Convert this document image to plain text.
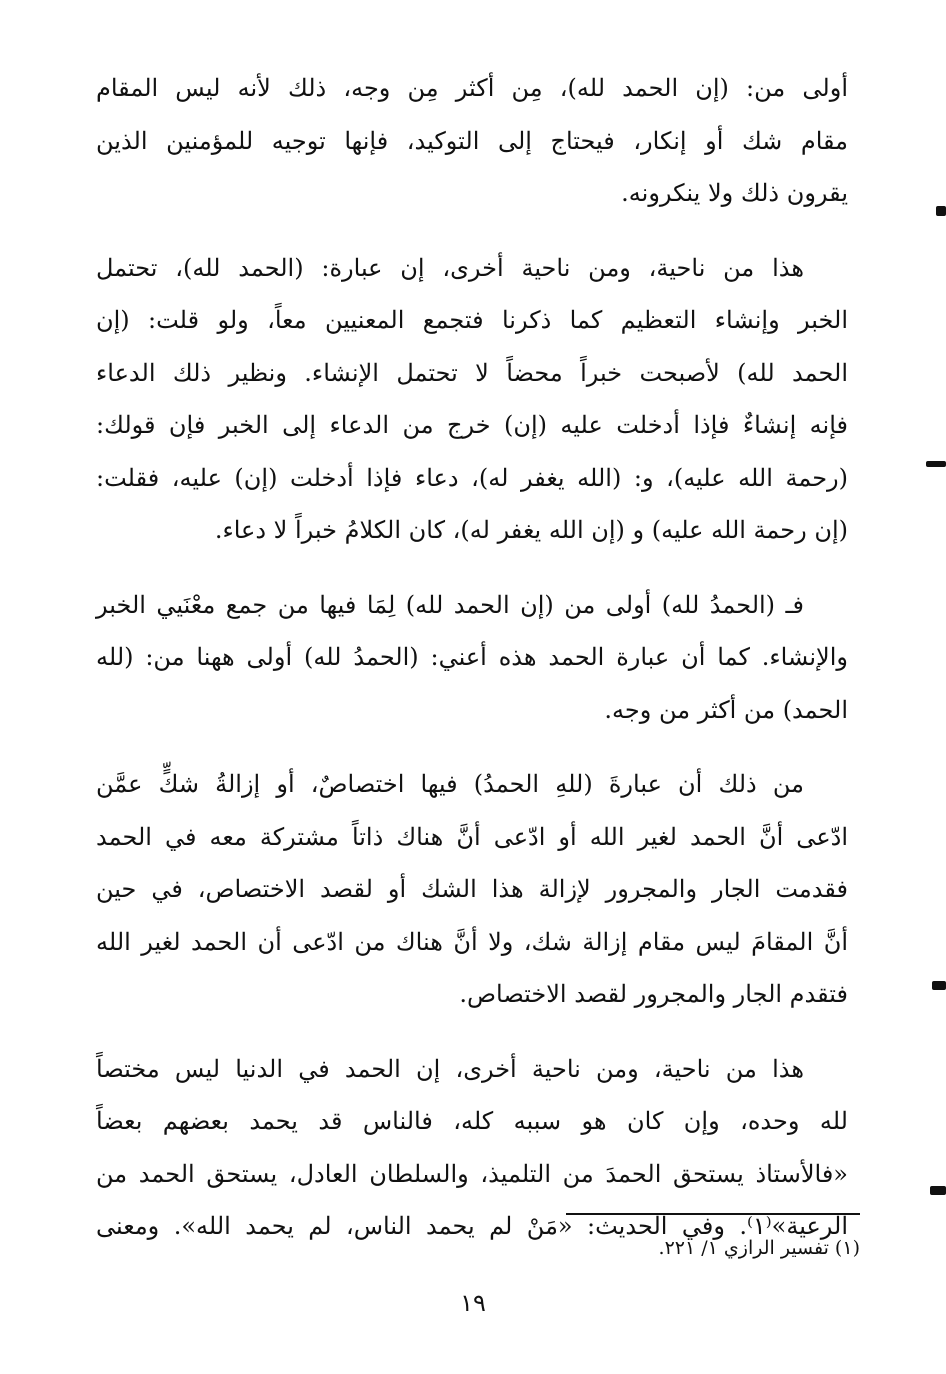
أولى من: (إن الحمد لله)، مِن أكثر مِن وجه، ذلك لأنه ليس المقام
مقام شك أو إنكار، فيحتاج إلى التوكيد، فإنها توجيه للمؤمنين الذين
يقرون ذلك ولا ينكرونه.

هذا من ناحية، ومن ناحية أخرى، إن عبارة: (الحمد لله)، تحتمل
الخبر وإنشاء التعظيم كما ذكرنا فتجمع المعنيين معاً، ولو قلت: (إن
الحمد لله) لأصبحت خبراً محضاً لا تحتمل الإنشاء. ونظير ذلك الدعاء
فإنه إنشاءٌ فإذا أدخلت عليه (إن) خرج من الدعاء إلى الخبر فإن قولك:
(رحمة الله عليه)، و: (الله يغفر له)، دعاء فإذا أدخلت (إن) عليه، فقلت:
(إن رحمة الله عليه) و (إن الله يغفر له)، كان الكلامُ خبراً لا دعاء.

فـ (الحمدُ لله) أولى من (إن الحمد لله) لِمَا فيها من جمع معْنَيي الخبر
والإنشاء. كما أن عبارة الحمد هذه أعني: (الحمدُ لله) أولى ههنا من: (لله
الحمد) من أكثر من وجه.

من ذلك أن عبارةَ (للهِ الحمدُ) فيها اختصاصٌ، أو إزالةُ شكٍّ عمَّن
ادّعى أنَّ الحمد لغير الله أو ادّعى أنَّ هناك ذاتاً مشتركة معه في الحمد
فقدمت الجار والمجرور لإزالة هذا الشك أو لقصد الاختصاص، في حين
أنَّ المقامَ ليس مقام إزالة شك، ولا أنَّ هناك من ادّعى أن الحمد لغير الله
فتقدم الجار والمجرور لقصد الاختصاص.

هذا من ناحية، ومن ناحية أخرى، إن الحمد في الدنيا ليس مختصاً
لله وحده، وإن كان هو سببه كله، فالناس قد يحمد بعضهم بعضاً
«فالأستاذ يستحق الحمدَ من التلميذ، والسلطان العادل، يستحق الحمد من
الرعية»⁽١⁾. وفي الحديث: «مَنْ لم يحمد الناس، لم يحمد الله». ومعنى

(١) تفسير الرازي ١/ ٢٢١.
١٩
